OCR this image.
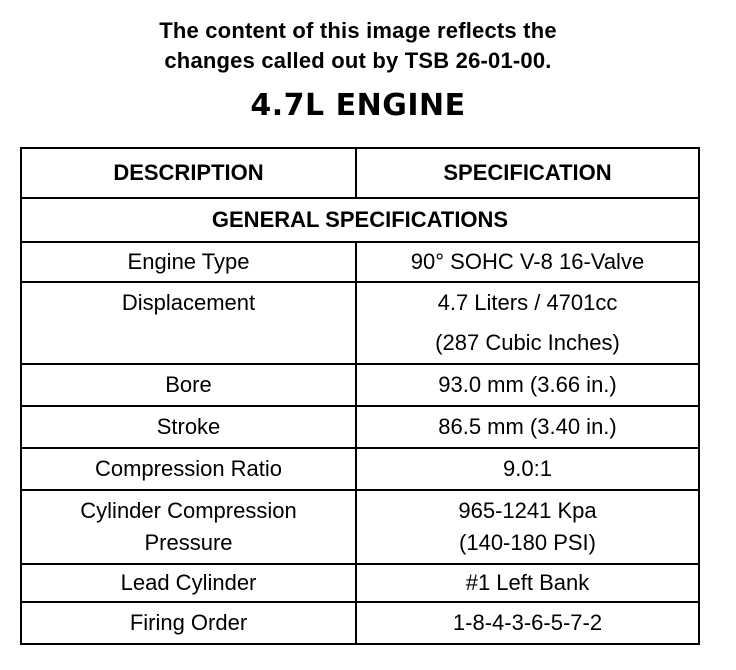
The content of this image reflects the
changes called out by TSB 26-01-00.
4.7L ENGINE
DESCRIPTION	SPECIFICATION
GENERAL SPECIFICATIONS	
Engine Type	90° SOHC V-8 16-Valve

Displacement	4.7 Liters / 4701cc
(287 Cubic Inches)

Bore	93.0 mm (3.66 in.)
Stroke	86.5 mm (3.40 in.)
Compression Ratio	9.0:1

Cylinder Compression
Pressure	965-1241 Kpa
(140-180 PSI)

Lead Cylinder	#1 Left Bank
Firing Order	1-8-4-3-6-5-7-2
